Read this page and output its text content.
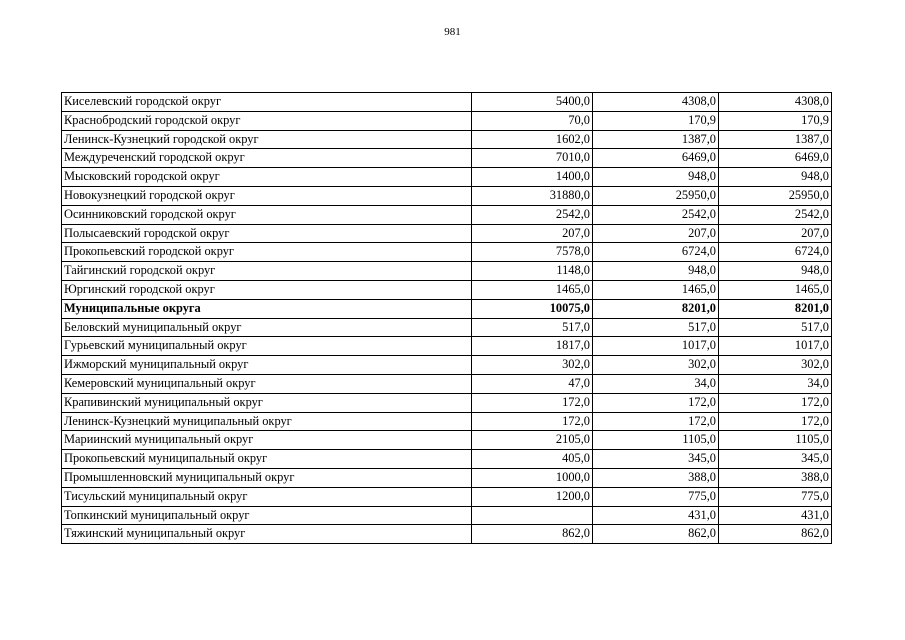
981
Киселевский городской округ	5400,0	4308,0	4308,0
Краснобродский городской округ	70,0	170,9	170,9
Ленинск-Кузнецкий городской округ	1602,0	1387,0	1387,0
Междуреченский городской округ	7010,0	6469,0	6469,0
Мысковский городской округ	1400,0	948,0	948,0
Новокузнецкий городской округ	31880,0	25950,0	25950,0
Осинниковский городской округ	2542,0	2542,0	2542,0
Полысаевский городской округ	207,0	207,0	207,0
Прокопьевский городской округ	7578,0	6724,0	6724,0
Тайгинский городской округ	1148,0	948,0	948,0
Юргинский городской округ	1465,0	1465,0	1465,0
Муниципальные округа	10075,0	8201,0	8201,0
Беловский муниципальный округ	517,0	517,0	517,0
Гурьевский муниципальный округ	1817,0	1017,0	1017,0
Ижморский муниципальный округ	302,0	302,0	302,0
Кемеровский муниципальный округ	47,0	34,0	34,0
Крапивинский муниципальный округ	172,0	172,0	172,0
Ленинск-Кузнецкий муниципальный округ	172,0	172,0	172,0
Мариинский муниципальный округ	2105,0	1105,0	1105,0
Прокопьевский муниципальный округ	405,0	345,0	345,0
Промышленновский муниципальный округ	1000,0	388,0	388,0
Тисульский муниципальный округ	1200,0	775,0	775,0
Топкинский муниципальный округ		431,0	431,0
Тяжинский муниципальный округ	862,0	862,0	862,0
